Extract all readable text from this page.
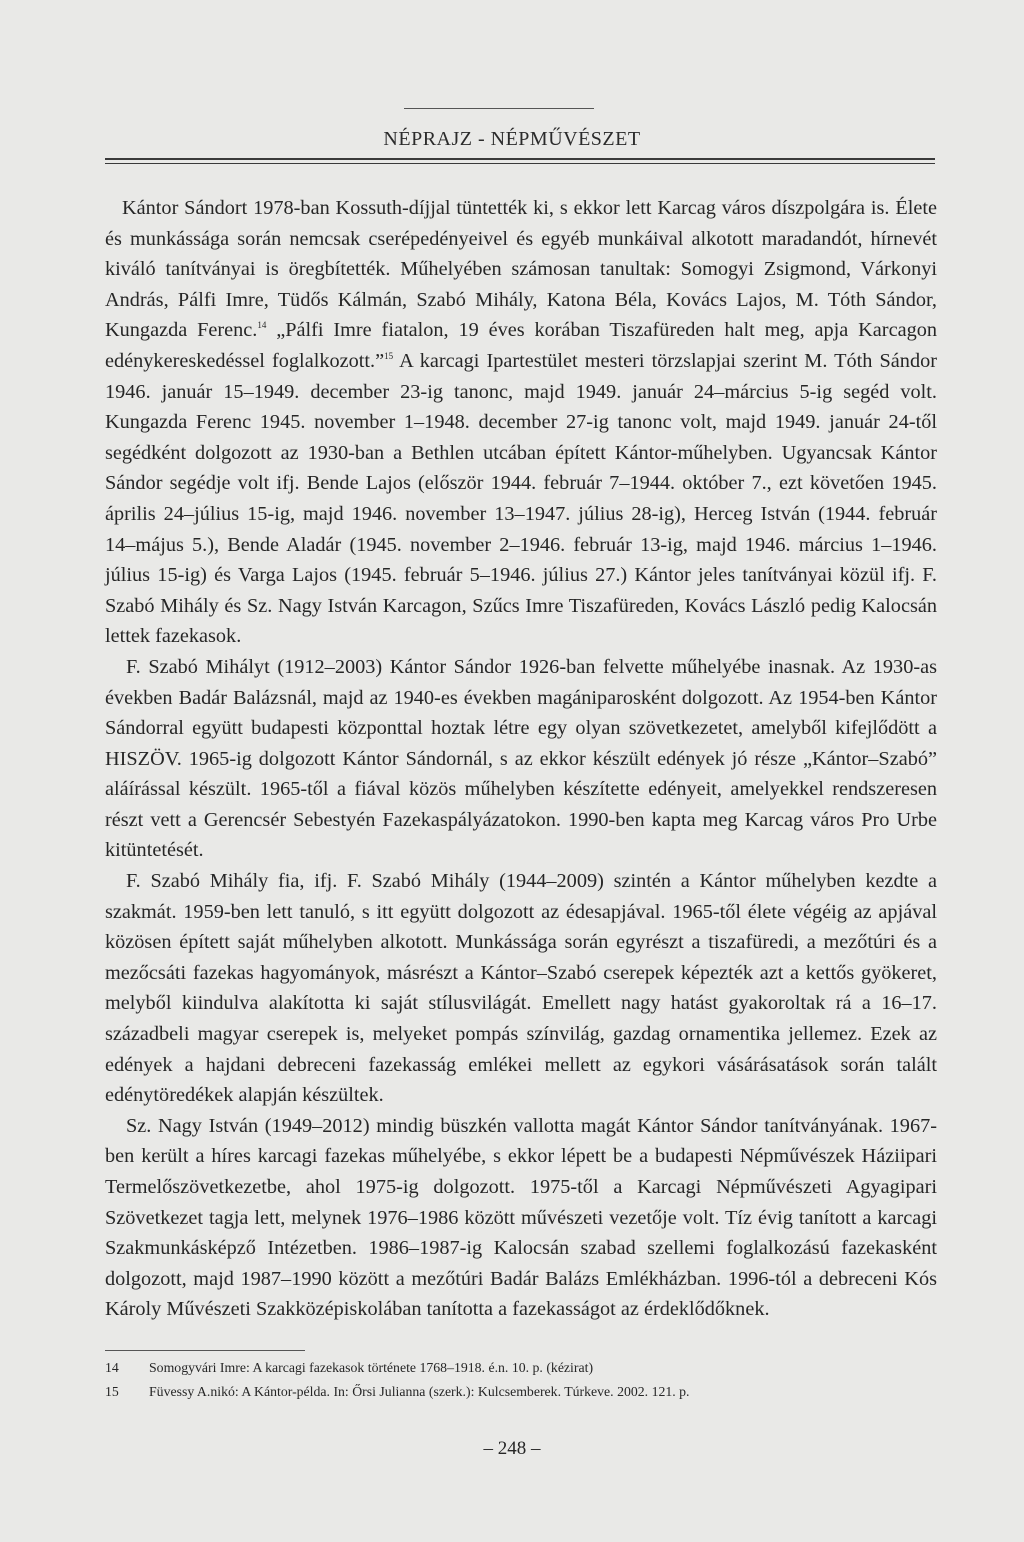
NÉPRAJZ - NÉPMŰVÉSZET

Kántor Sándort 1978-ban Kossuth-díjjal tüntették ki, s ekkor lett Karcag város díszpolgára is. Élete és munkássága során nemcsak cserépedényeivel és egyéb munkáival alkotott maradandót, hírnevét kiváló tanítványai is öregbítették. Műhelyében számosan tanultak: Somogyi Zsigmond, Várkonyi András, Pálfi Imre, Tüdős Kálmán, Szabó Mihály, Katona Béla, Kovács Lajos, M. Tóth Sándor, Kungazda Ferenc.$^{14}$ „Pálfi Imre fiatalon, 19 éves korában Tiszafüreden halt meg, apja Karcagon edénykereskedéssel foglalkozott.”$^{15}$ A karcagi Ipartestület mesteri törzslapjai szerint M. Tóth Sándor 1946. január 15–1949. december 23-ig tanonc, majd 1949. január 24–március 5-ig segéd volt. Kungazda Ferenc 1945. november 1–1948. december 27-ig tanonc volt, majd 1949. január 24-től segédként dolgozott az 1930-ban a Bethlen utcában épített Kántor-műhelyben. Ugyancsak Kántor Sándor segédje volt ifj. Bende Lajos (először 1944. február 7–1944. október 7., ezt követően 1945. április 24–július 15-ig, majd 1946. november 13–1947. július 28-ig), Herceg István (1944. február 14–május 5.), Bende Aladár (1945. november 2–1946. február 13-ig, majd 1946. március 1–1946. július 15-ig) és Varga Lajos (1945. február 5–1946. július 27.) Kántor jeles tanítványai közül ifj. F. Szabó Mihály és Sz. Nagy István Karcagon, Szűcs Imre Tiszafüreden, Kovács László pedig Kalocsán lettek fazekasok.

F. Szabó Mihályt (1912–2003) Kántor Sándor 1926-ban felvette műhelyébe inasnak. Az 1930-as években Badár Balázsnál, majd az 1940-es években magániparosként dolgozott. Az 1954-ben Kántor Sándorral együtt budapesti központtal hoztak létre egy olyan szövetkezetet, amelyből kifejlődött a HISZÖV. 1965-ig dolgozott Kántor Sándornál, s az ekkor készült edények jó része „Kántor–Szabó” aláírással készült. 1965-től a fiával közös műhelyben készítette edényeit, amelyekkel rendszeresen részt vett a Gerencsér Sebestyén Fazekaspályázatokon. 1990-ben kapta meg Karcag város Pro Urbe kitüntetését.

F. Szabó Mihály fia, ifj. F. Szabó Mihály (1944–2009) szintén a Kántor műhelyben kezdte a szakmát. 1959-ben lett tanuló, s itt együtt dolgozott az édesapjával. 1965-től élete végéig az apjával közösen épített saját műhelyben alkotott. Munkássága során egyrészt a tiszafüredi, a mezőtúri és a mezőcsáti fazekas hagyományok, másrészt a Kántor–Szabó cserepek képezték azt a kettős gyökeret, melyből kiindulva alakította ki saját stílusvilágát. Emellett nagy hatást gyakoroltak rá a 16–17. századbeli magyar cserepek is, melyeket pompás színvilág, gazdag ornamentika jellemez. Ezek az edények a hajdani debreceni fazekasság emlékei mellett az egykori vásárásatások során talált edénytöredékek alapján készültek.

Sz. Nagy István (1949–2012) mindig büszkén vallotta magát Kántor Sándor tanítványának. 1967-ben került a híres karcagi fazekas műhelyébe, s ekkor lépett be a budapesti Népművészek Háziipari Termelőszövetkezetbe, ahol 1975-ig dolgozott. 1975-től a Karcagi Népművészeti Agyagipari Szövetkezet tagja lett, melynek 1976–1986 között művészeti vezetője volt. Tíz évig tanított a karcagi Szakmunkásképző Intézetben. 1986–1987-ig Kalocsán szabad szellemi foglalkozású fazekasként dolgozott, majd 1987–1990 között a mezőtúri Badár Balázs Emlékházban. 1996-tól a debreceni Kós Károly Művészeti Szakközépiskolában tanította a fazekasságot az érdeklődőknek.

14	Somogyvári Imre: A karcagi fazekasok története 1768–1918. é.n. 10. p. (kézirat)
15	Füvessy A.nikó: A Kántor-példa. In: Őrsi Julianna (szerk.): Kulcsemberek. Túrkeve. 2002. 121. p.
– 248 –
